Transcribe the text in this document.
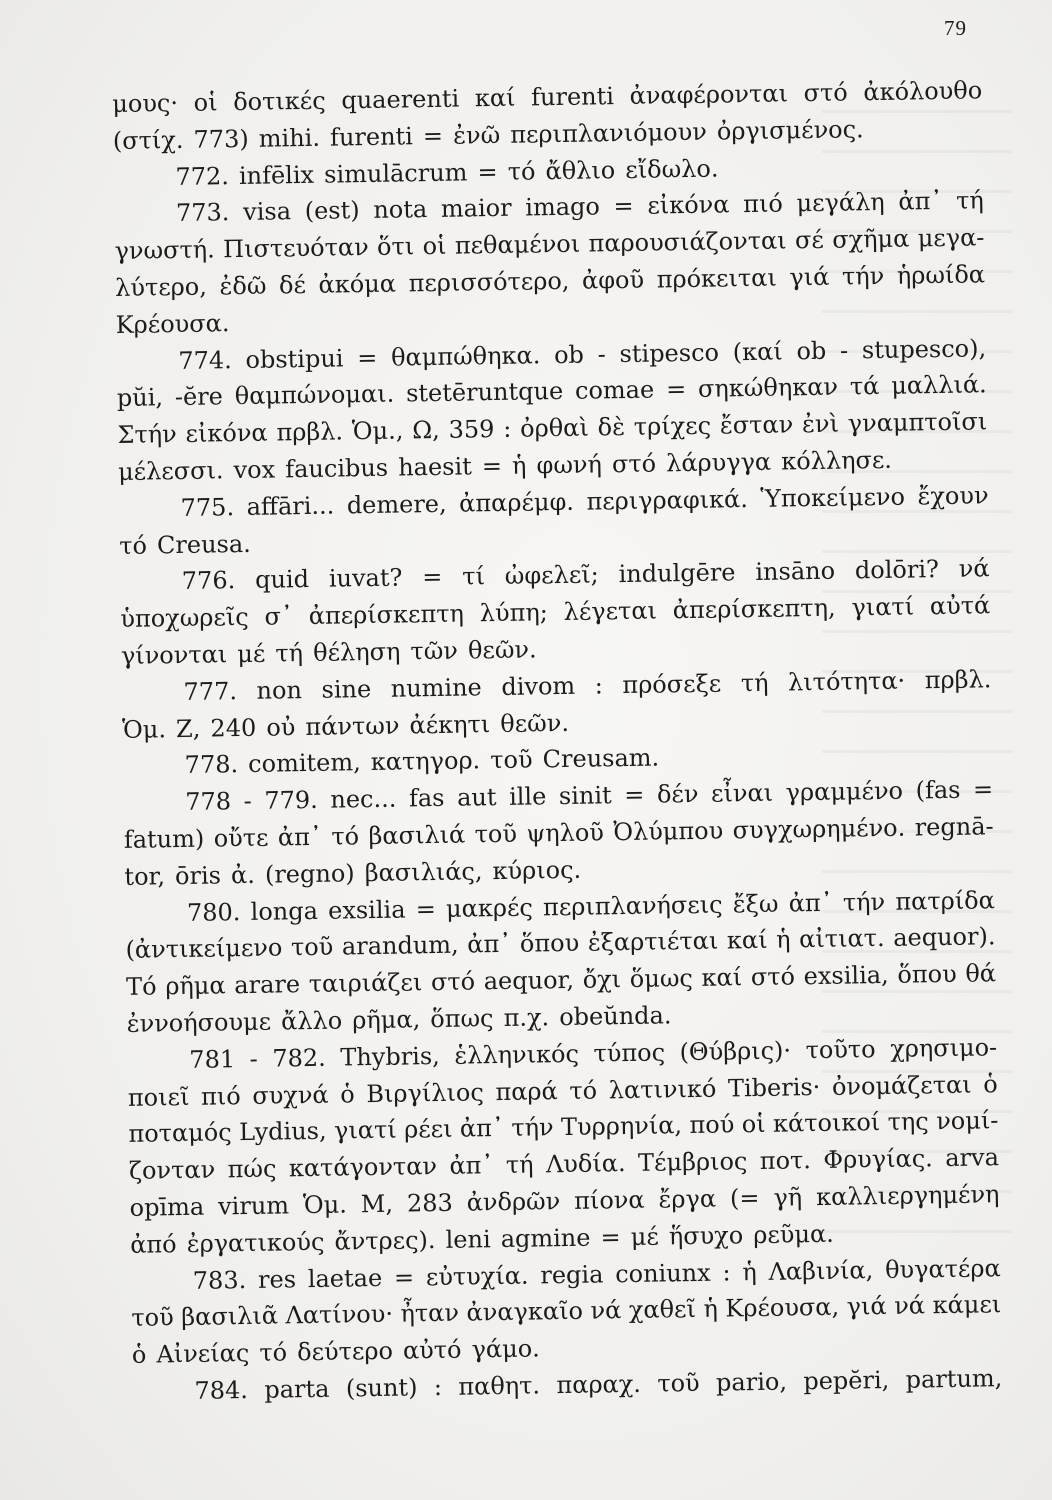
79
μους· οἱ δοτικές quaerenti καί furenti ἀναφέρονται στό ἀκόλουθο
(στίχ. 773) mihi. furenti = ἐνῶ περιπλανιόμουν ὀργισμένος.
772. infēlix simulācrum = τό ἄθλιο εἴδωλο.
773. visa (est) nota maior imago = εἰκόνα πιό μεγάλη ἀπ᾽ τή
γνωστή. Πιστευόταν ὅτι οἱ πεθαμένοι παρουσιάζονται σέ σχῆμα μεγα-
λύτερο, ἐδῶ δέ ἀκόμα περισσότερο, ἀφοῦ πρόκειται γιά τήν ἡρωίδα
Κρέουσα.
774. obstipui = θαμπώθηκα. ob - stipesco (καί ob - stupesco),
pŭi, -ĕre θαμπώνομαι. stetēruntque comae = σηκώθηκαν τά μαλλιά.
Στήν εἰκόνα πρβλ. Ὁμ., Ω, 359 : ὀρθαὶ δὲ τρίχες ἔσταν ἐνὶ γναμπτοῖσι
μέλεσσι. vox faucibus haesit = ἡ φωνή στό λάρυγγα κόλλησε.
775. affāri... demere, ἀπαρέμφ. περιγραφικά. Ὑποκείμενο ἔχουν
τό Creusa.
776. quid iuvat? = τί ὠφελεῖ; indulgēre insāno dolōri? νά
ὑποχωρεῖς σ᾽ ἀπερίσκεπτη λύπη; λέγεται ἀπερίσκεπτη, γιατί αὐτά
γίνονται μέ τή θέληση τῶν θεῶν.
777. non sine numine divom : πρόσεξε τή λιτότητα· πρβλ.
Ὁμ. Ζ, 240 οὐ πάντων ἀέκητι θεῶν.
778. comitem, κατηγορ. τοῦ Creusam.
778 - 779. nec... fas aut ille sinit = δέν εἶναι γραμμένο (fas =
fatum) οὔτε ἀπ᾽ τό βασιλιά τοῦ ψηλοῦ Ὀλύμπου συγχωρημένο. regnā-
tor, ōris ἀ. (regno) βασιλιάς, κύριος.
780. longa exsilia = μακρές περιπλανήσεις ἔξω ἀπ᾽ τήν πατρίδα
(ἀντικείμενο τοῦ arandum, ἀπ᾽ ὅπου ἐξαρτιέται καί ἡ αἰτιατ. aequor).
Τό ρῆμα arare ταιριάζει στό aequor, ὄχι ὅμως καί στό exsilia, ὅπου θά
ἐννοήσουμε ἄλλο ρῆμα, ὅπως π.χ. obeŭnda.
781 - 782. Thybris, ἑλληνικός τύπος (Θύβρις)· τοῦτο χρησιμο-
ποιεῖ πιό συχνά ὁ Βιργίλιος παρά τό λατινικό Tiberis· ὀνομάζεται ὁ
ποταμός Lydius, γιατί ρέει ἀπ᾽ τήν Τυρρηνία, πού οἱ κάτοικοί της νομί-
ζονταν πώς κατάγονταν ἀπ᾽ τή Λυδία. Τέμβριος ποτ. Φρυγίας. arva
opīma virum Ὁμ. Μ, 283 ἀνδρῶν πίονα ἔργα (= γῆ καλλιεργημένη
ἀπό ἐργατικούς ἄντρες). leni agmine = μέ ἥσυχο ρεῦμα.
783. res laetae = εὐτυχία. regia coniunx : ἡ Λαβινία, θυγατέρα
τοῦ βασιλιᾶ Λατίνου· ἦταν ἀναγκαῖο νά χαθεῖ ἡ Κρέουσα, γιά νά κάμει
ὁ Αἰνείας τό δεύτερο αὐτό γάμο.
784. parta (sunt) : παθητ. παραχ. τοῦ pario, pepĕri, partum,
